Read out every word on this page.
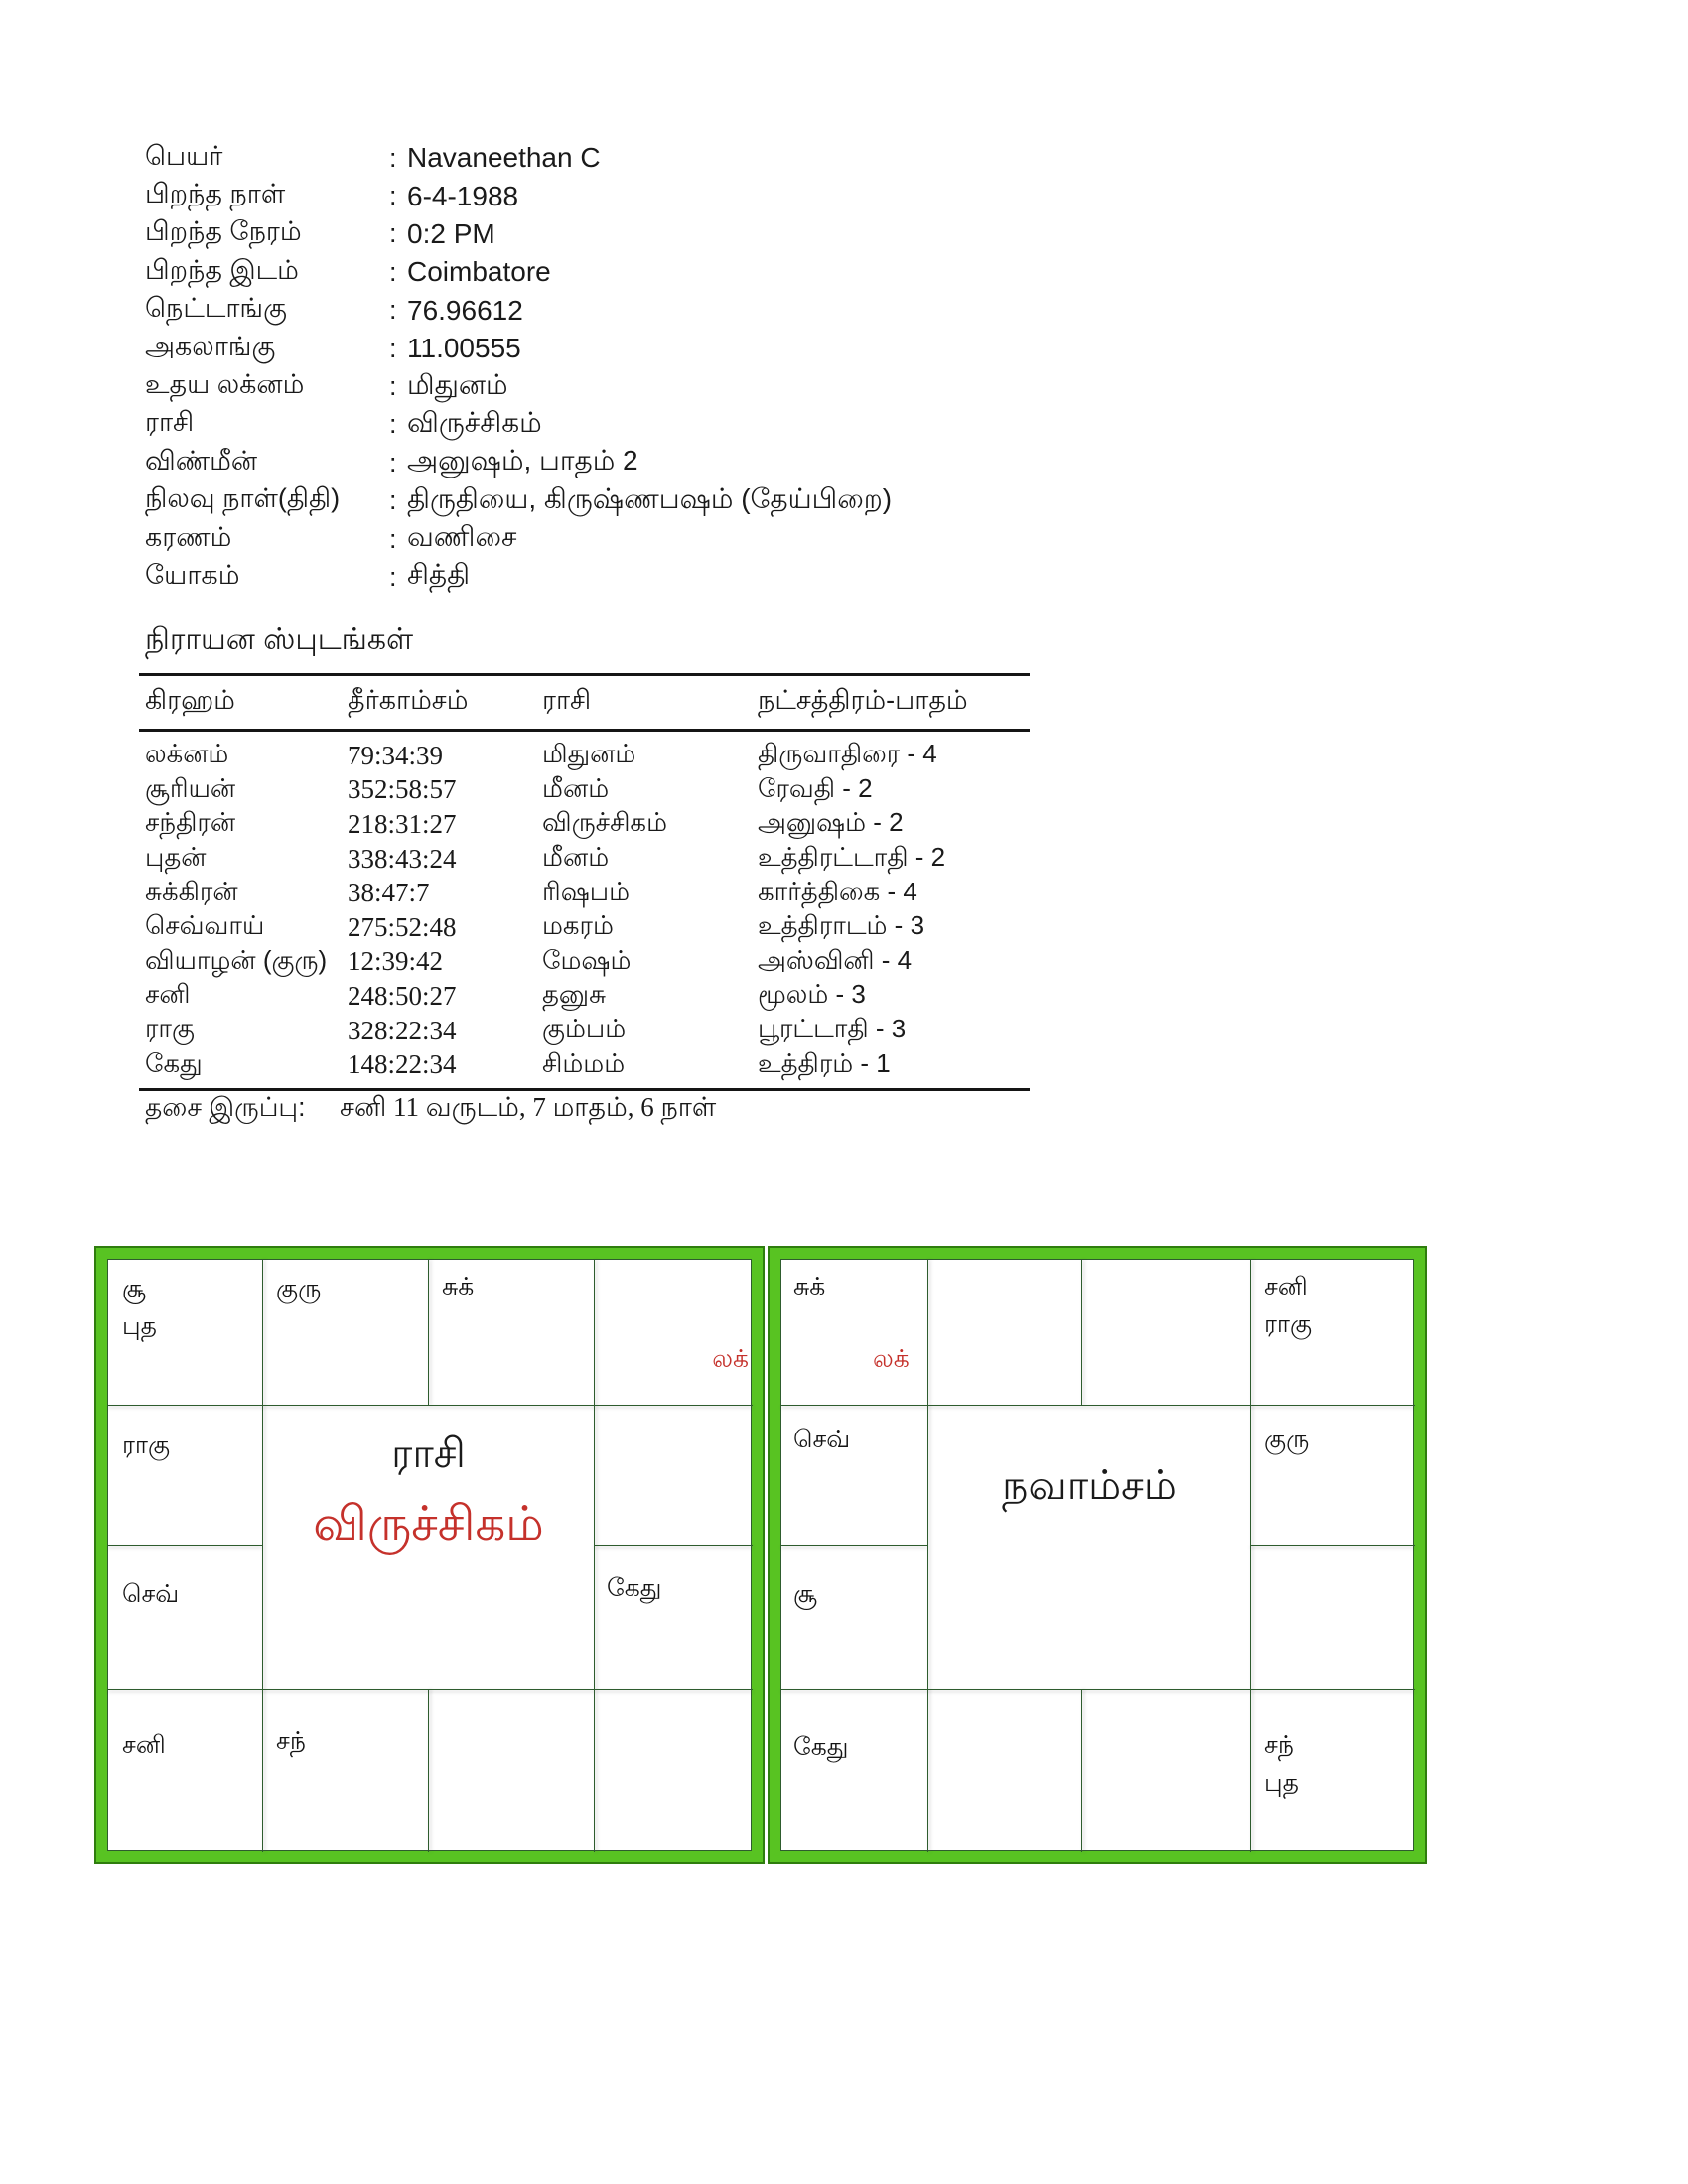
பெயர்	: Navaneethan C
பிறந்த நாள்	: 6-4-1988
பிறந்த நேரம்	: 0:2 PM
பிறந்த இடம்	: Coimbatore
நெட்டாங்கு	: 76.96612
அகலாங்கு	: 11.00555
உதய லக்னம்	: மிதுனம்
ராசி	: விருச்சிகம்
விண்மீன்	: அனுஷம், பாதம் 2
நிலவு நாள்(திதி)	: திருதியை, கிருஷ்ணபஷம் (தேய்பிறை)
கரணம்	: வணிசை
யோகம்	: சித்தி
நிராயன ஸ்புடங்கள்
கிரஹம்	தீர்காம்சம்	ராசி	நட்சத்திரம்-பாதம்
லக்னம்	79:34:39	மிதுனம்	திருவாதிரை - 4
சூரியன்	352:58:57	மீனம்	ரேவதி - 2
சந்திரன்	218:31:27	விருச்சிகம்	அனுஷம் - 2
புதன்	338:43:24	மீனம்	உத்திரட்டாதி - 2
சுக்கிரன்	38:47:7	ரிஷபம்	கார்த்திகை - 4
செவ்வாய்	275:52:48	மகரம்	உத்திராடம் - 3
வியாழன் (குரு) 12:39:42	மேஷம்	அஸ்வினி - 4
சனி	248:50:27	தனுசு	மூலம் - 3
ராகு	328:22:34	கும்பம்	பூரட்டாதி - 3
கேது	148:22:34	சிம்மம்	உத்திரம் - 1
தசை இருப்பு:	சனி 11 வருடம், 7 மாதம், 6 நாள்
சூ
புத
குரு	சுக்
லக்
ராகு
செவ்	கேது
சனி	சந்
ராசி
விருச்சிகம்
சுக்
லக்
சனி
ராகு
செவ்	குரு
சூ
கேது	சந்
புத
நவாம்சம்
